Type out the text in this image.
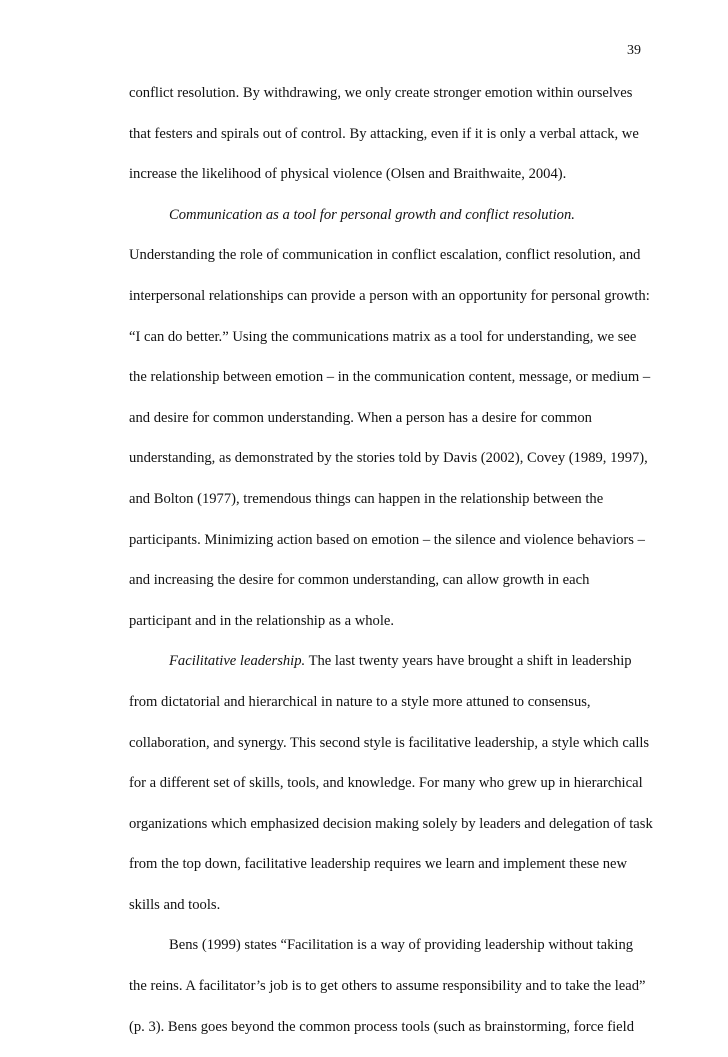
39
conflict resolution. By withdrawing, we only create stronger emotion within ourselves
that festers and spirals out of control. By attacking, even if it is only a verbal attack, we
increase the likelihood of physical violence (Olsen and Braithwaite, 2004).
Communication as a tool for personal growth and conflict resolution.
Understanding the role of communication in conflict escalation, conflict resolution, and
interpersonal relationships can provide a person with an opportunity for personal growth:
“I can do better.” Using the communications matrix as a tool for understanding, we see
the relationship between emotion – in the communication content, message, or medium –
and desire for common understanding. When a person has a desire for common
understanding, as demonstrated by the stories told by Davis (2002), Covey (1989, 1997),
and Bolton (1977), tremendous things can happen in the relationship between the
participants. Minimizing action based on emotion – the silence and violence behaviors –
and increasing the desire for common understanding, can allow growth in each
participant and in the relationship as a whole.
Facilitative leadership. The last twenty years have brought a shift in leadership
from dictatorial and hierarchical in nature to a style more attuned to consensus,
collaboration, and synergy. This second style is facilitative leadership, a style which calls
for a different set of skills, tools, and knowledge. For many who grew up in hierarchical
organizations which emphasized decision making solely by leaders and delegation of task
from the top down, facilitative leadership requires we learn and implement these new
skills and tools.
Bens (1999) states “Facilitation is a way of providing leadership without taking
the reins. A facilitator’s job is to get others to assume responsibility and to take the lead”
(p. 3). Bens goes beyond the common process tools (such as brainstorming, force field
